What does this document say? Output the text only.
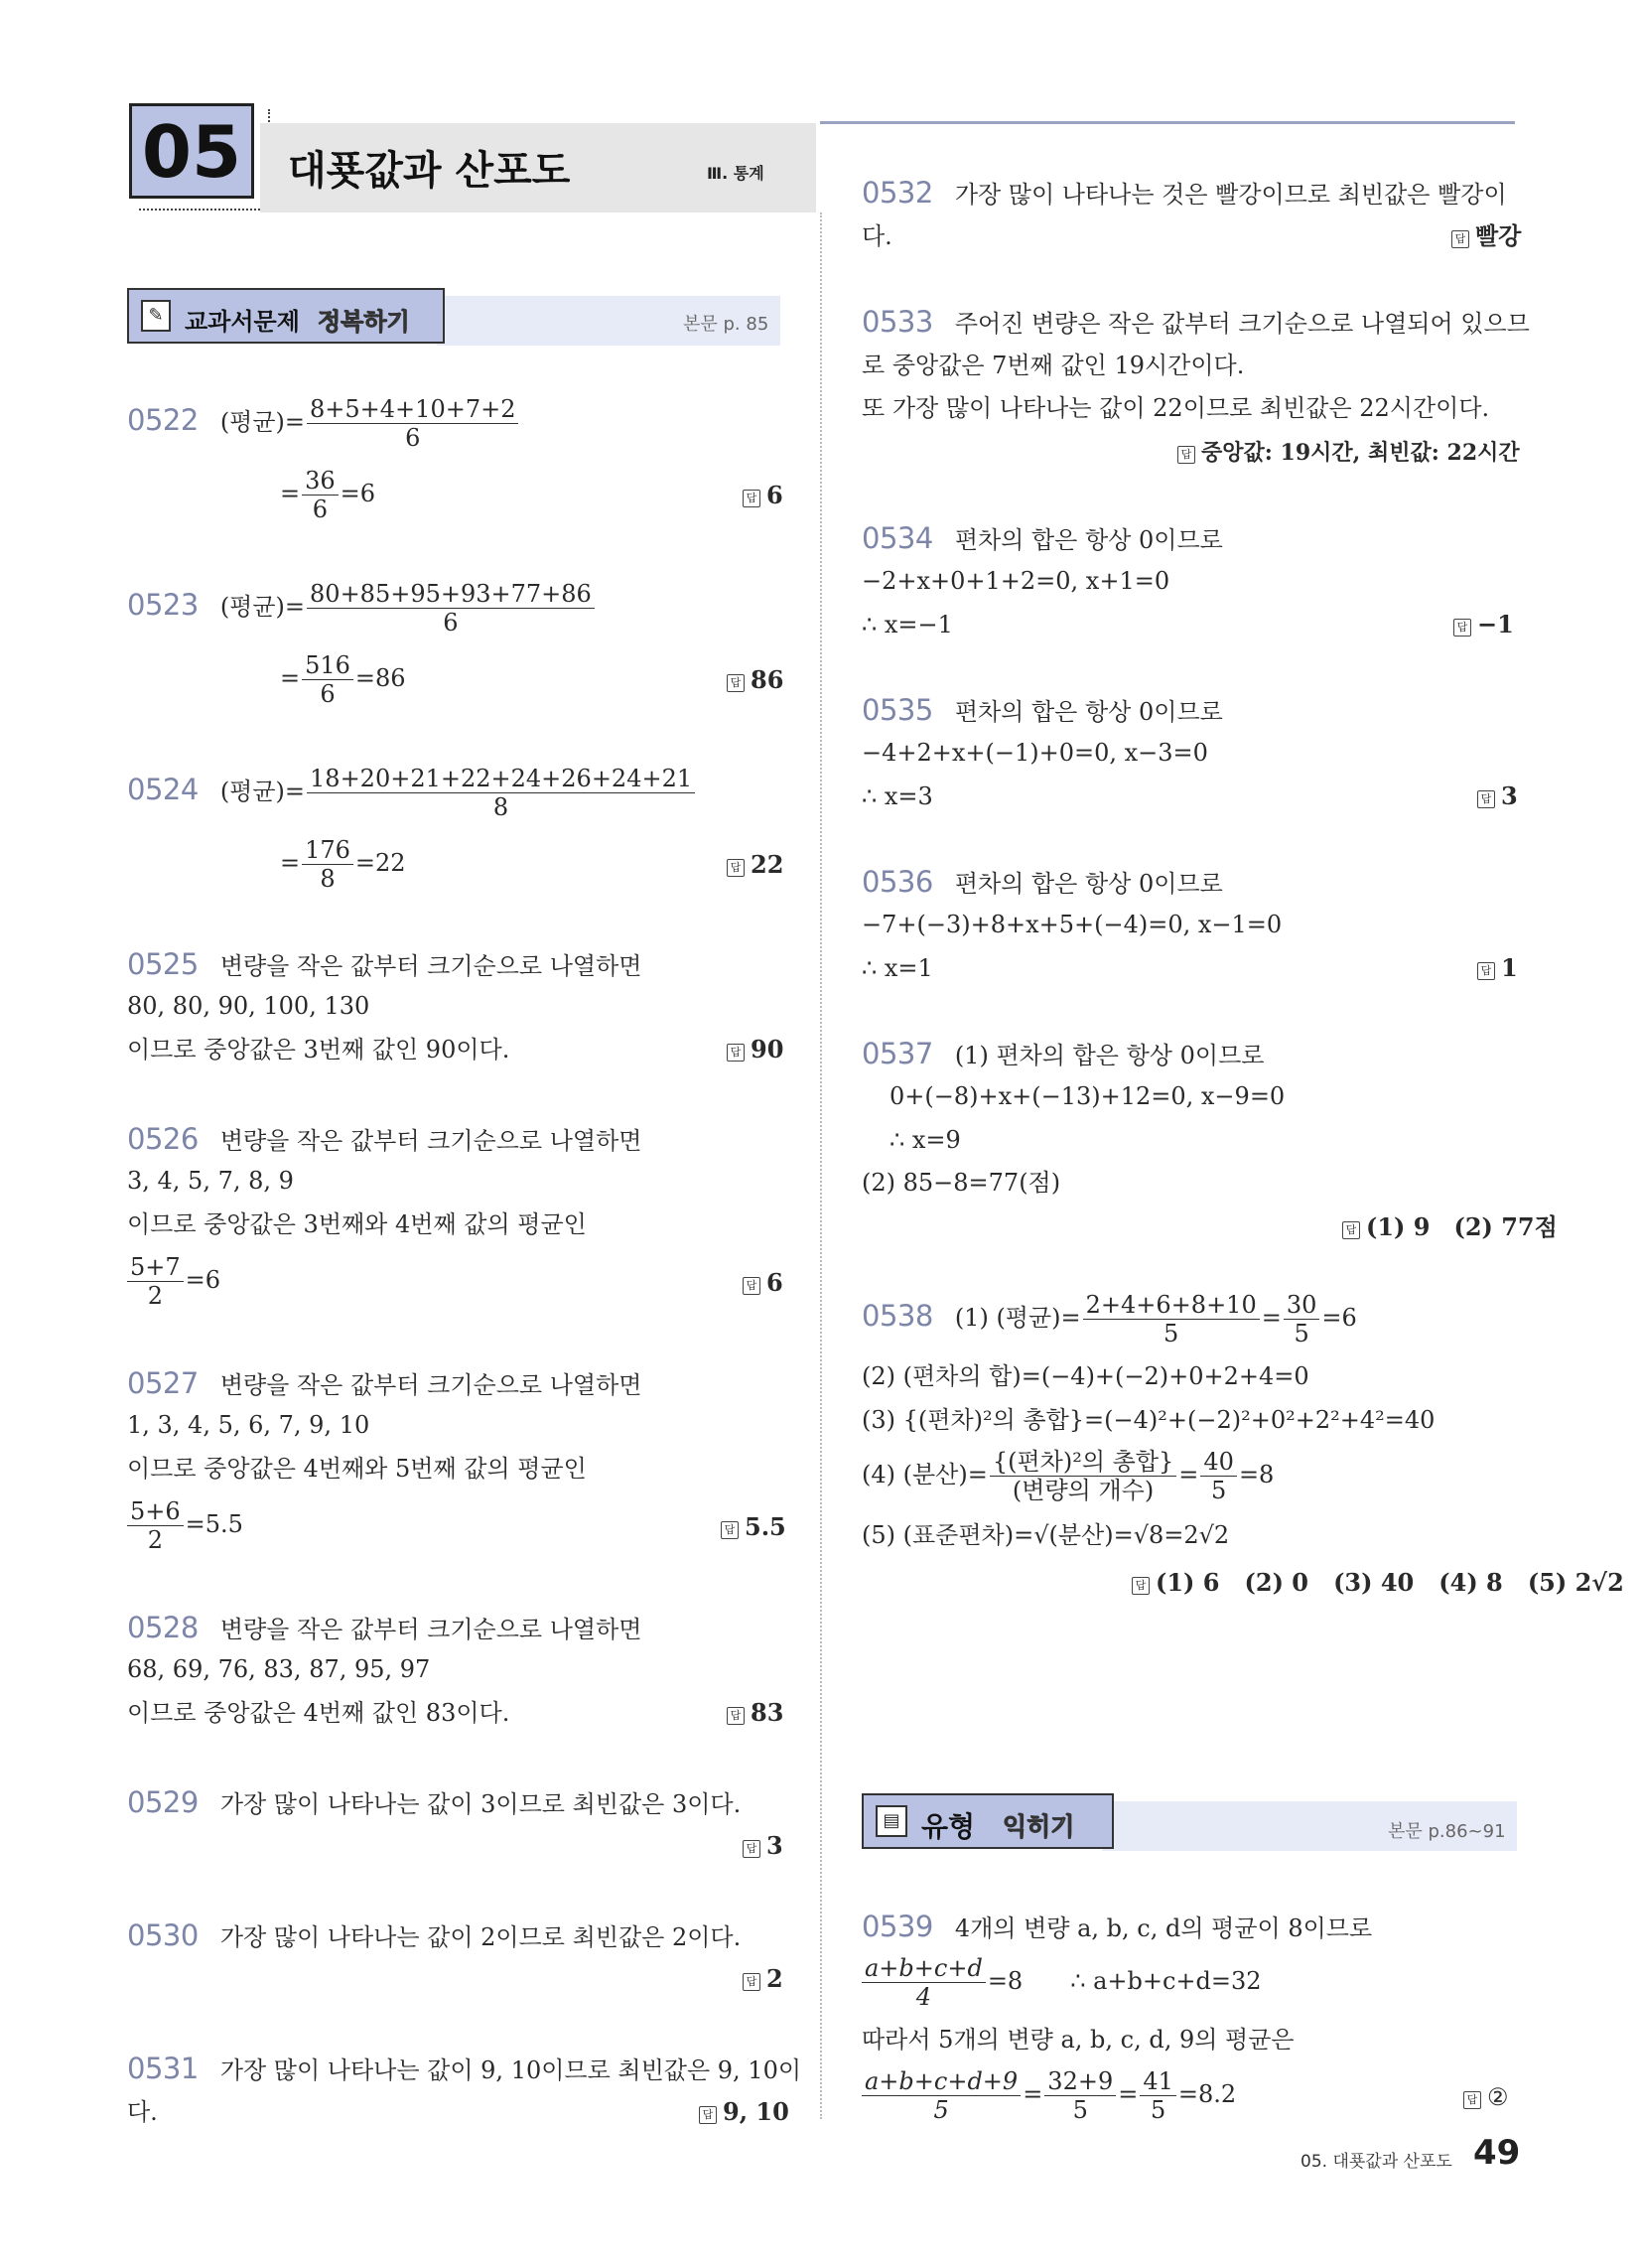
05 대푯값과 산포도	Ⅲ. 통계
✎ 교과서문제 정복하기	본문 p. 85
0522 (평균)= $\frac{8+5+4+10+7+2}{6}$
= $\frac{36}{6} =6$	답 6
0523 (평균)= $\frac{80+85+95+93+77+86}{6}$
= $\frac{516}{6} =86$	답 86
0524 (평균)= $\frac{18+20+21+22+24+26+24+21}{8}$
= $\frac{176}{8} =22$	답 22
0525 변량을 작은 값부터 크기순으로 나열하면
80, 80, 90, 100, 130
이므로 중앙값은 3번째 값인 90이다.	답 90
0526 변량을 작은 값부터 크기순으로 나열하면
3, 4, 5, 7, 8, 9
이므로 중앙값은 3번째와 4번째 값의 평균인
$\frac{5+7}{2} =6$	답 6
0527 변량을 작은 값부터 크기순으로 나열하면
1, 3, 4, 5, 6, 7, 9, 10
이므로 중앙값은 4번째와 5번째 값의 평균인
$\frac{5+6}{2} =5.5$	답 5.5
0528 변량을 작은 값부터 크기순으로 나열하면
68, 69, 76, 83, 87, 95, 97
이므로 중앙값은 4번째 값인 83이다.	답 83
0529 가장 많이 나타나는 값이 3이므로 최빈값은 3이다.
답 3
0530 가장 많이 나타나는 값이 2이므로 최빈값은 2이다.
답 2
0531 가장 많이 나타나는 값이 9, 10이므로 최빈값은 9, 10이
다.	답 9, 10
0532 가장 많이 나타나는 것은 빨강이므로 최빈값은 빨강이
다.	답 빨강
0533 주어진 변량은 작은 값부터 크기순으로 나열되어 있으므
로 중앙값은 7번째 값인 19시간이다.
또 가장 많이 나타나는 값이 22이므로 최빈값은 22시간이다.
답 중앙값: 19시간, 최빈값: 22시간
0534 편차의 합은 항상 0이므로
−2+x+0+1+2=0, x+1=0
∴ x=−1	답 −1
0535 편차의 합은 항상 0이므로
−4+2+x+(−1)+0=0, x−3=0
∴ x=3	답 3
0536 편차의 합은 항상 0이므로
−7+(−3)+8+x+5+(−4)=0, x−1=0
∴ x=1	답 1
0537 (1) 편차의 합은 항상 0이므로
0+(−8)+x+(−13)+12=0, x−9=0
∴ x=9
(2) 85−8=77(점)
답 (1) 9 (2) 77점
0538 (1) (평균)= $\frac{2+4+6+8+10}{5} = \frac{30}{5} =6$
(2) (편차의 합)=(−4)+(−2)+0+2+4=0
(3) {(편차)²의 총합}=(−4)²+(−2)²+0²+2²+4²=40
(4) (분산)= $\frac{\text{\{(편차)²의 총합\}}}{\text{(변량의 개수)}} = \frac{40}{5} =8$
(5) (표준편차)=√(분산)=√8=2√2
답 (1) 6   (2) 0   (3) 40   (4) 8   (5) 2√2
▤ 유형 익히기	본문 p.86~91
0539 4개의 변량 a, b, c, d의 평균이 8이므로
$\frac{a+b+c+d}{4} =8$ ∴ a+b+c+d=32
따라서 5개의 변량 a, b, c, d, 9의 평균은
$\frac{a+b+c+d+9}{5} = \frac{32+9}{5} = \frac{41}{5} =8.2$	답 ②
05. 대푯값과 산포도 49
